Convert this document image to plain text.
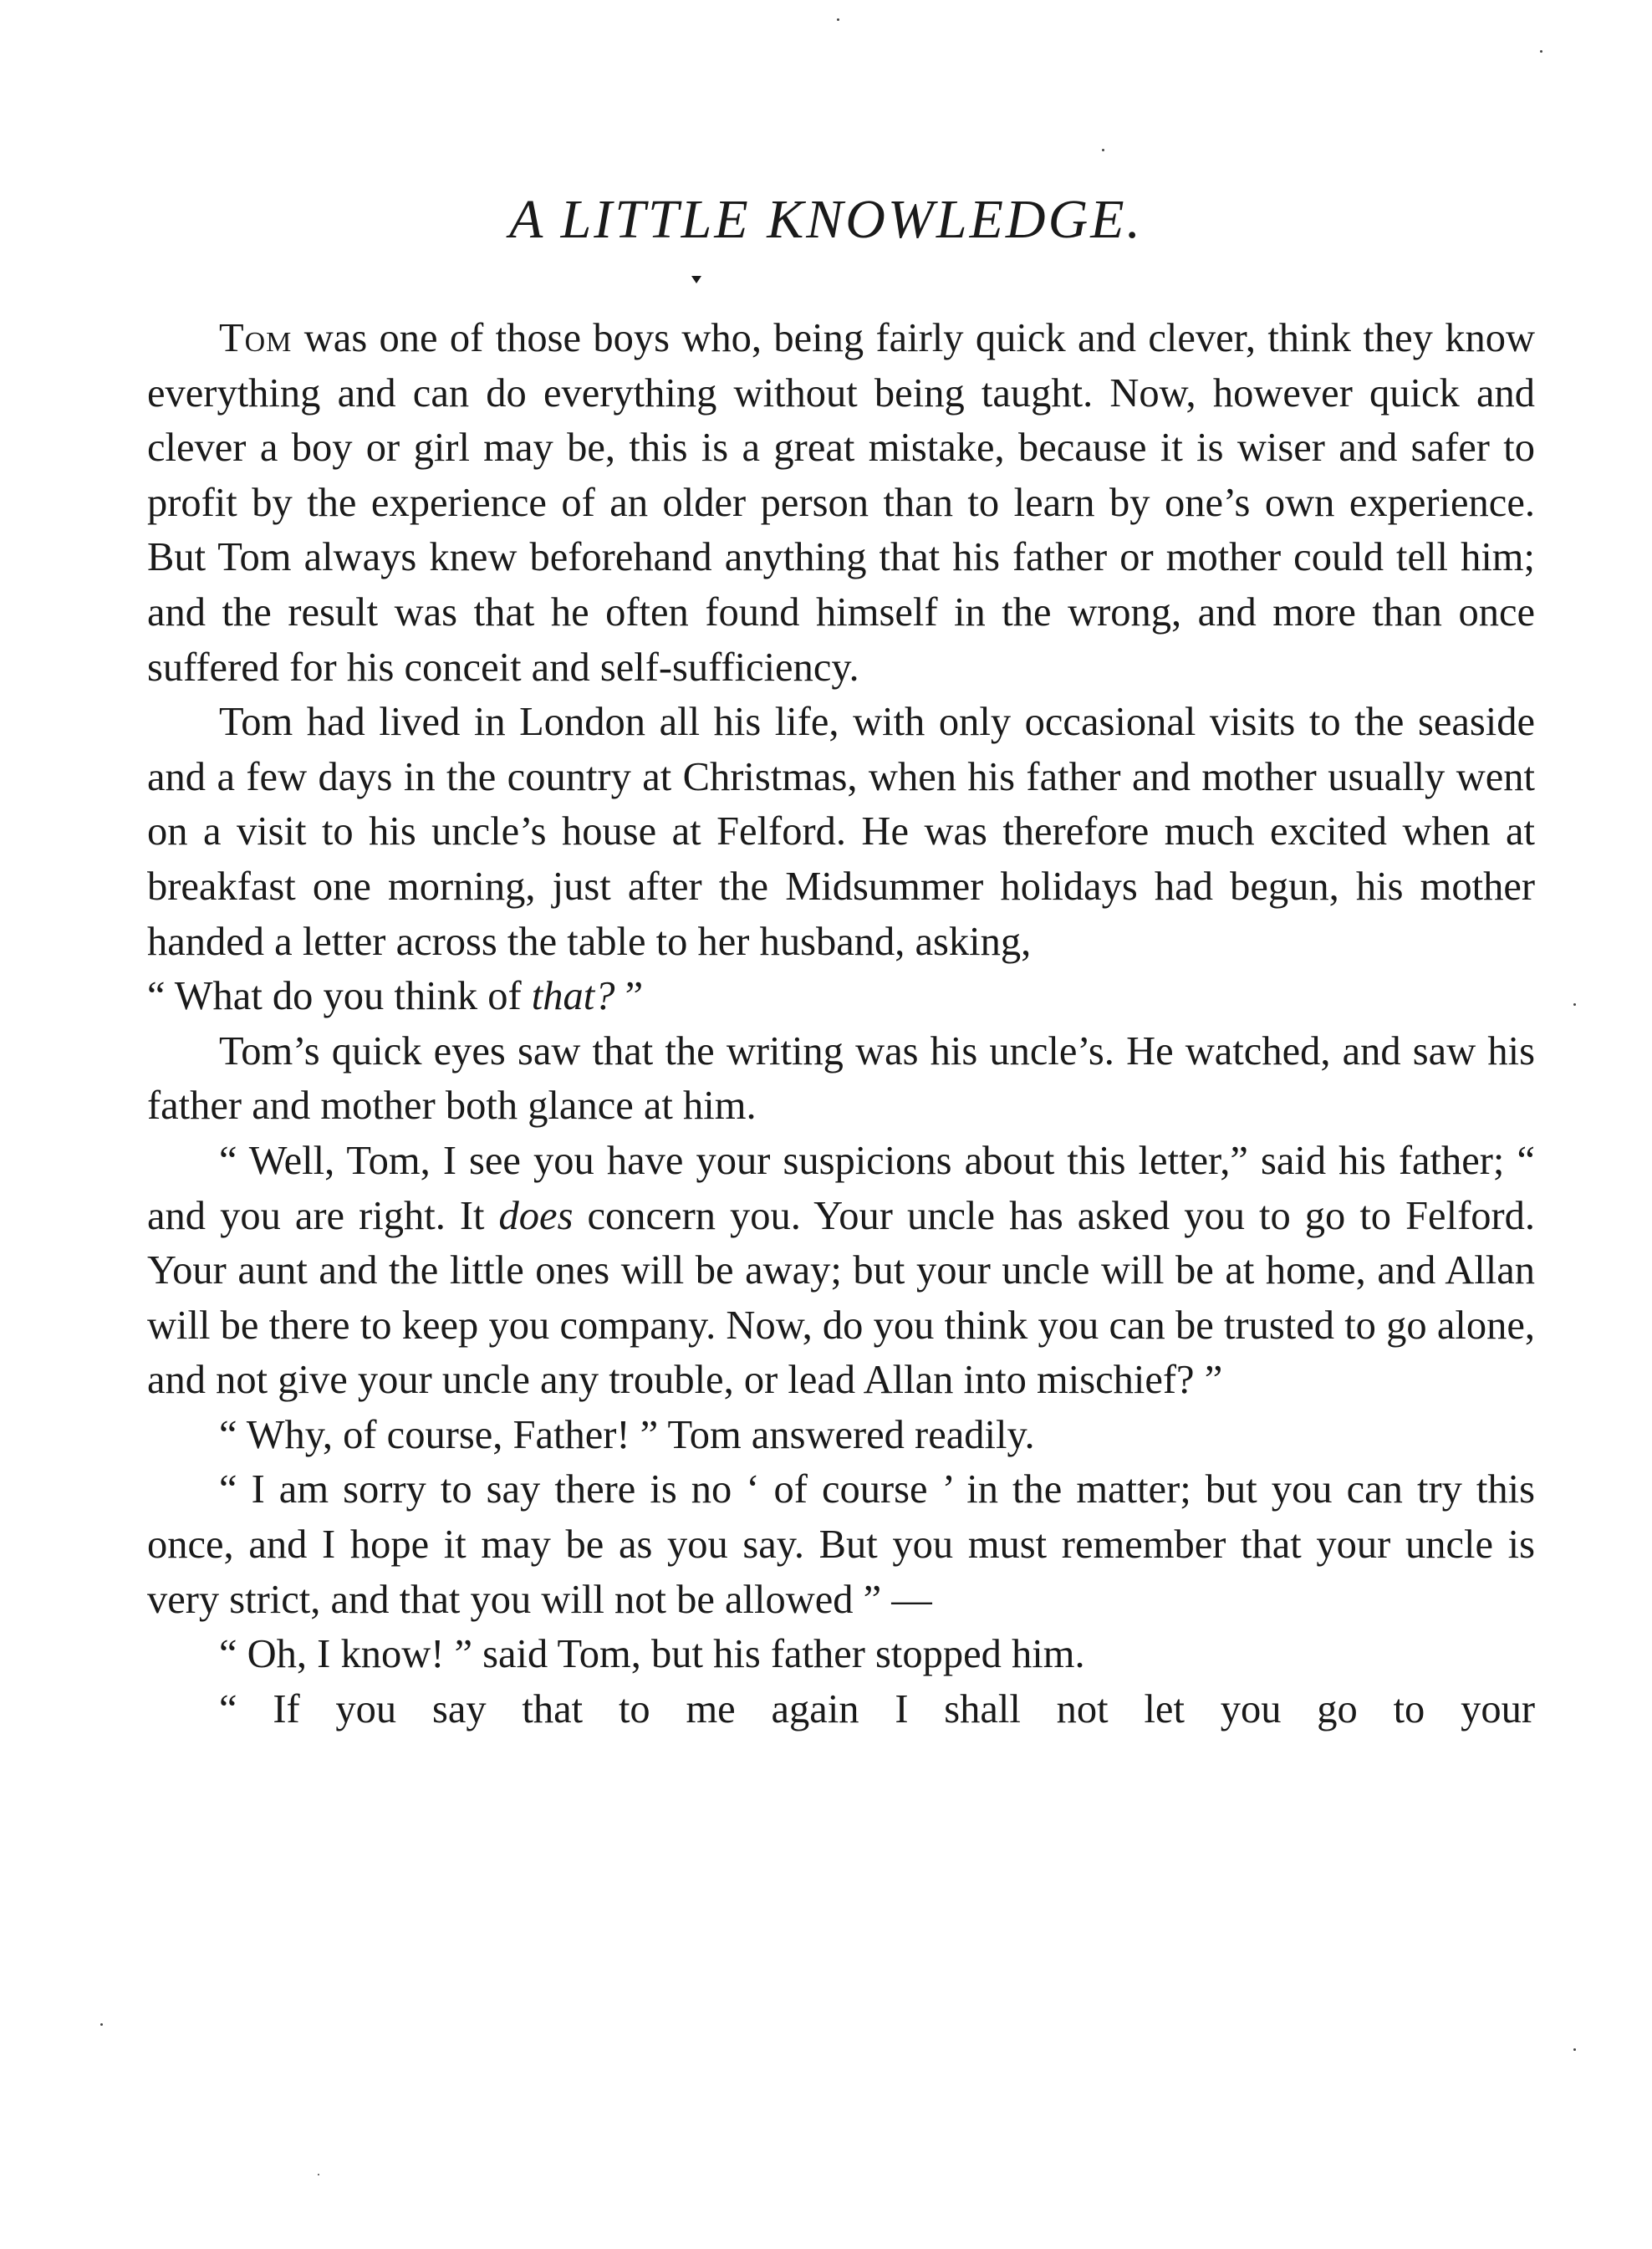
A LITTLE KNOWLEDGE.

Tom was one of those boys who, being fairly quick and clever, think they know everything and can do everything without being taught. Now, however quick and clever a boy or girl may be, this is a great mistake, because it is wiser and safer to profit by the experience of an older person than to learn by one’s own experience. But Tom always knew beforehand anything that his father or mother could tell him; and the result was that he often found himself in the wrong, and more than once suffered for his conceit and self-sufficiency.

Tom had lived in London all his life, with only occasional visits to the seaside and a few days in the country at Christmas, when his father and mother usually went on a visit to his uncle’s house at Felford. He was therefore much excited when at breakfast one morning, just after the Midsummer holidays had begun, his mother handed a letter across the table to her husband, asking,
“ What do you think of that? ”

Tom’s quick eyes saw that the writing was his uncle’s. He watched, and saw his father and mother both glance at him.

“ Well, Tom, I see you have your suspicions about this letter,” said his father; “ and you are right. It does concern you. Your uncle has asked you to go to Felford. Your aunt and the little ones will be away; but your uncle will be at home, and Allan will be there to keep you company. Now, do you think you can be trusted to go alone, and not give your uncle any trouble, or lead Allan into mischief? ”

“ Why, of course, Father! ” Tom answered readily.

“ I am sorry to say there is no ‘ of course ’ in the matter; but you can try this once, and I hope it may be as you say. But you must remember that your uncle is very strict, and that you will not be allowed ” —

“ Oh, I know! ” said Tom, but his father stopped him.

“ If you say that to me again I shall not let you go to your
